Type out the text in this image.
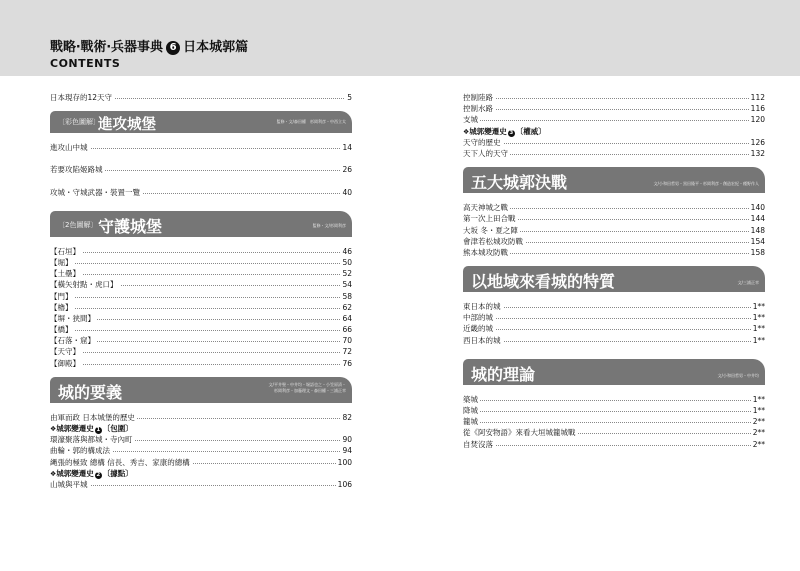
戰略‧戰術‧兵器事典 6 日本城郭篇
CONTENTS
日本現存的12天守	5
〔彩色圖解〕
進攻城堡	監修・文/森田權　杉岡利彦・中西立太
進攻山中城	14
若要攻陷姬路城	26
攻城・守城武器・裝置一覽	40
〔2色圖解〕 守護城堡	監修・文/杉岡利彦
【石垣】	46
【堀】	50
【土壘】	52
【橫矢射點・虎口】	54
【門】	58
【櫓】	62
【塀・狭間】	64
【橋】	66
【石落・窟】	70
【天守】	72
【御殿】	76
城的要義	文/平井聖・中井均・堀語也之・小笠原清・
杉岡利彦・加藤理文・森田權・三浦正幸
由軍而政 日本城堡的歷史	82
❖城郭變遷史 1 〔包圍〕
環濠聚落與都城・寺內町	90
曲輪・郭的構成法	94
縄張的極致 總構 信長、秀吉、家康的總構	100
❖城郭變遷史 2 〔據點〕
山城與平城	106
控制陸路	112
控制水路	116
支城	120
❖城郭變遷史 3 〔權威〕
天守的歷史	126
天下人的天守	132
五大城郭決戰	文/小和田哲男・黑田隆平・杉岡利彦・創造宏紀・種野作人
高天神城之戰	140
第一次上田合戰	144
大坂 冬・夏之陣	148
會津若松城攻防戰	154
熊本城攻防戰	158
以地域來看城的特質	文/三浦正幸
東日本的城	1**
中部的城	1**
近畿的城	1**
西日本的城	1**
城的理論	文/小和田哲男・中井均
築城	1**
降城	1**
籠城	2**
從《阿安物語》來看大垣城籠城戰	2**
自焚沒落	2**
